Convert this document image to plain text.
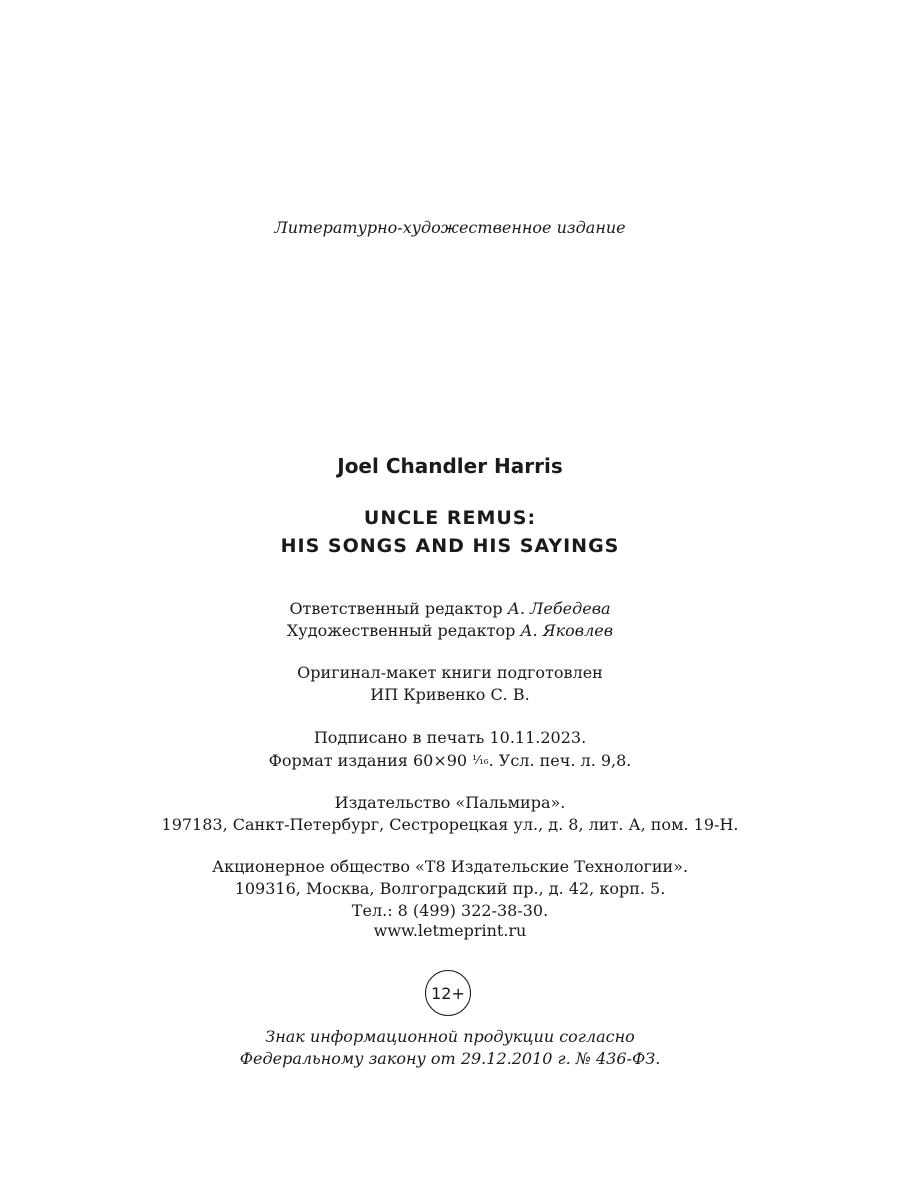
Литературно-художественное издание
Joel Chandler Harris
UNCLE REMUS:
HIS SONGS AND HIS SAYINGS
Ответственный редактор А. Лебедева
Художественный редактор А. Яковлев
Оригинал-макет книги подготовлен
ИП Кривенко С. В.
Подписано в печать 10.11.2023.
Формат издания 60×90 ¹⁄₁₆. Усл. печ. л. 9,8.
Издательство «Пальмира».
197183, Санкт-Петербург, Сестрорецкая ул., д. 8, лит. А, пом. 19-Н.
Акционерное общество «Т8 Издательские Технологии».
109316, Москва, Волгоградский пр., д. 42, корп. 5.
Тел.: 8 (499) 322-38-30.
www.letmeprint.ru
12+
Знак информационной продукции согласно
Федеральному закону от 29.12.2010 г. № 436-ФЗ.
